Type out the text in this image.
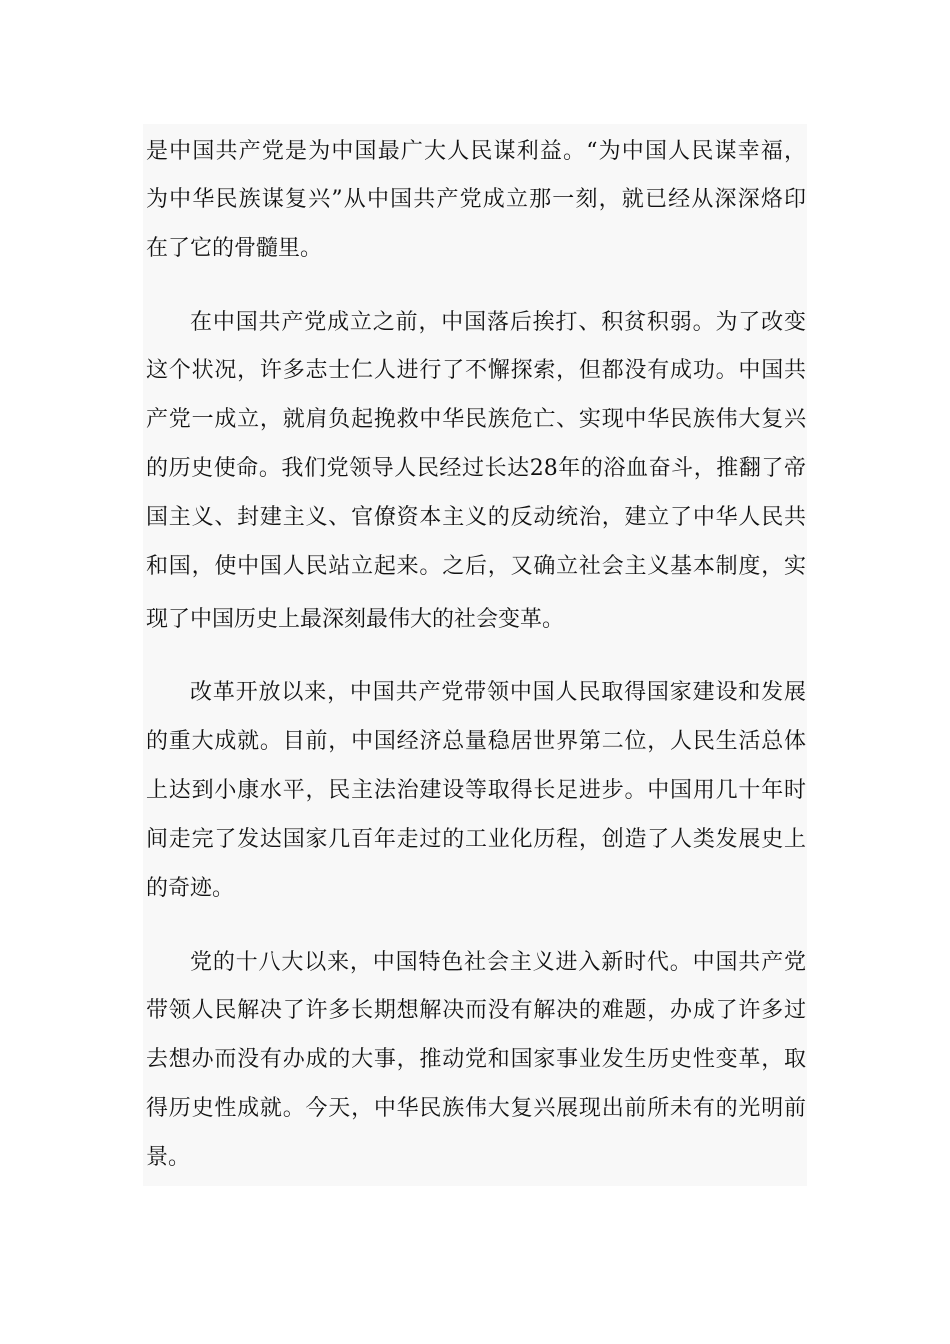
是中国共产党是为中国最广大人民谋利益。“为中国人民谋幸福，
为中华民族谋复兴”从中国共产党成立那一刻，就已经从深深烙印
在了它的骨髓里。
在中国共产党成立之前，中国落后挨打、积贫积弱。为了改变
这个状况，许多志士仁人进行了不懈探索，但都没有成功。中国共
产党一成立，就肩负起挽救中华民族危亡、实现中华民族伟大复兴
的历史使命。我们党领导人民经过长达28年的浴血奋斗，推翻了帝
国主义、封建主义、官僚资本主义的反动统治，建立了中华人民共
和国，使中国人民站立起来。之后，又确立社会主义基本制度，实
现了中国历史上最深刻最伟大的社会变革。
改革开放以来，中国共产党带领中国人民取得国家建设和发展
的重大成就。目前，中国经济总量稳居世界第二位，人民生活总体
上达到小康水平，民主法治建设等取得长足进步。中国用几十年时
间走完了发达国家几百年走过的工业化历程，创造了人类发展史上
的奇迹。
党的十八大以来，中国特色社会主义进入新时代。中国共产党
带领人民解决了许多长期想解决而没有解决的难题，办成了许多过
去想办而没有办成的大事，推动党和国家事业发生历史性变革，取
得历史性成就。今天，中华民族伟大复兴展现出前所未有的光明前
景。
